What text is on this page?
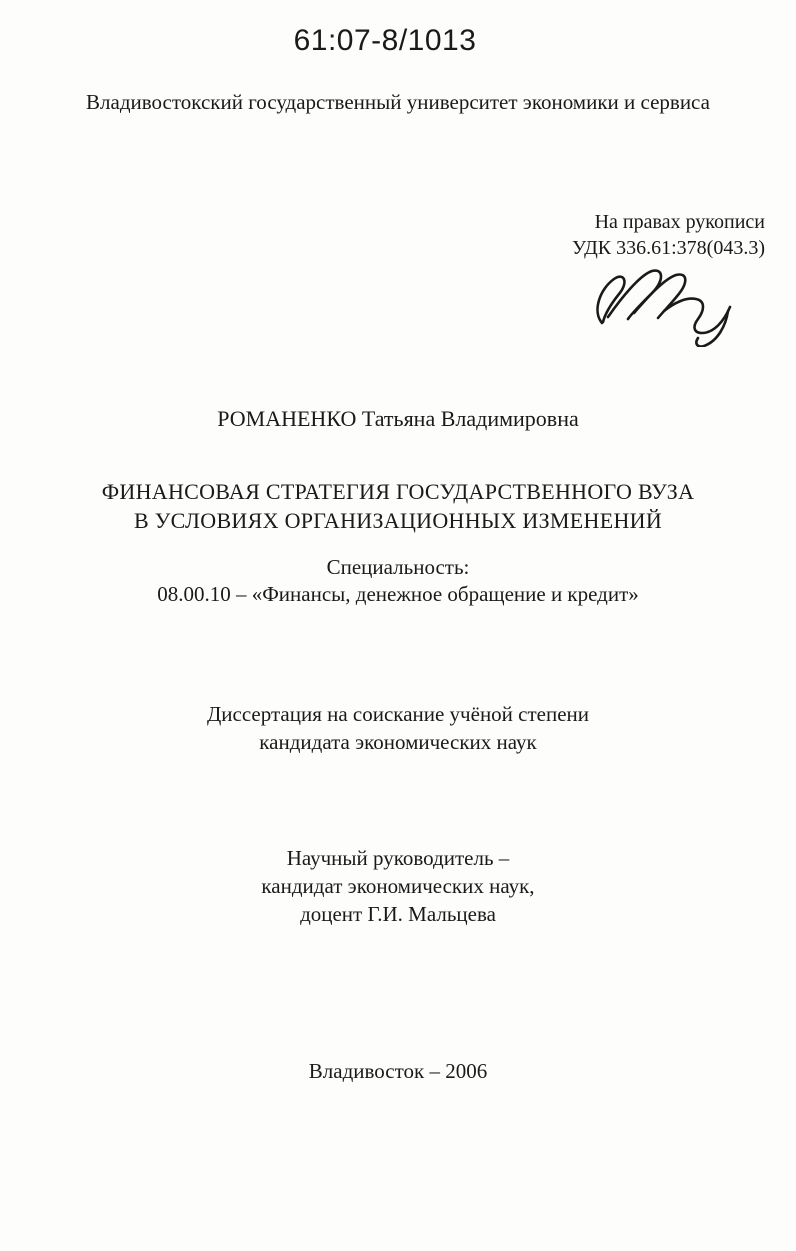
61:07-8/1013
Владивостокский государственный университет экономики и сервиса
На правах рукописи
УДК 336.61:378(043.3)
РОМАНЕНКО Татьяна Владимировна
ФИНАНСОВАЯ СТРАТЕГИЯ ГОСУДАРСТВЕННОГО ВУЗА
В УСЛОВИЯХ ОРГАНИЗАЦИОННЫХ ИЗМЕНЕНИЙ
Специальность:
08.00.10 – «Финансы, денежное обращение и кредит»
Диссертация на соискание учёной степени
кандидата экономических наук
Научный руководитель –
кандидат экономических наук,
доцент Г.И. Мальцева
Владивосток – 2006
